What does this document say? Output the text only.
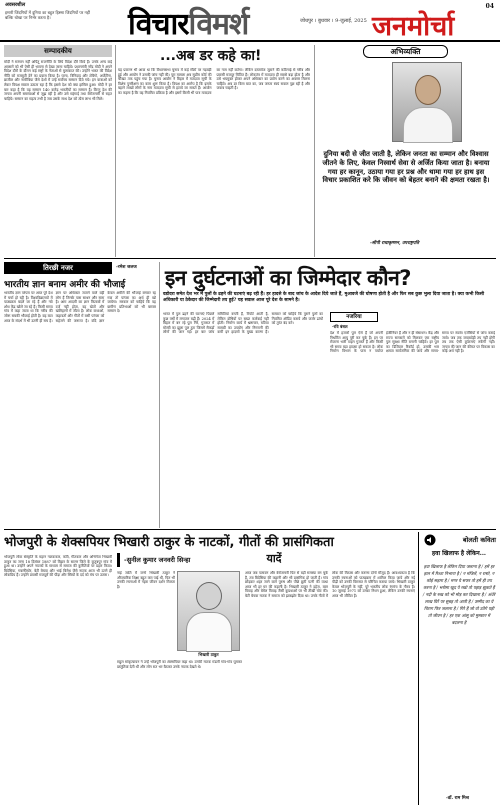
अवसरशील
हमारी जिंदगियों में दुनिया का बहुत हिस्सा जिंदगियों पर नहीं बल्कि धोखा पर निर्भर करता है।	विचारविमर्श	जोधपुर । बुधवार । 9-जुलाई, 2025 जनमोर्चा
04
सम्पादकीय
मोदी ने सम्मान नहीं अपितु राजनीति के लिये विदेश दौरे किये हैं। उनके अन्य कई अवसरों को भी ऐसी ही भावना से देखा जाना चाहिये। प्रधानमंत्री नरेंद्र मोदी ने अपने विदेश दौरों के दौरान कई राष्ट्रों के नेताओं से मुलाकात की। उन्होंने भारत की विदेश नीति को मजबूती देने का प्रयास किया है। घाना, त्रिनिदाद और टोबैगो, अर्जेंटीना, ब्राजील और नामीबिया जैसे देशों में उन्हें सर्वोच्च सम्मान दिये गये। इन यात्राओं को लेकर विपक्ष सवाल उठाता रहा है कि इससे देश को क्या हासिल हुआ। मोदी ने हर बार कहा है कि यह सम्मान 140 करोड़ भारतीयों का सम्मान है। किन्तु देश की जनता अपनी समस्याओं से जूझ रही है और उसे महंगाई तथा बेरोजगारी से राहत चाहिये। सम्मान का महत्व तभी है जब उसके साथ देश को ठोस लाभ भी मिले।
...अब डर कहे का!
यह प्रकरण भी आया था कि विधानसभा चुनाव में कई सीटों पर गड़बड़ी हुई और आयोग ने उसकी जांच नहीं की। पूरा मामला अब सुप्रीम कोर्ट की चौखट तक पहुंच गया है। चुनाव आयोग ने बिहार में मतदाता सूची के विशेष पुनरीक्षण का काम शुरू किया है। विपक्ष का आरोप है कि इसके बहाने लाखों लोगों के नाम मतदाता सूची से हटाये जा सकते हैं। आयोग का कहना है कि यह नियमित प्रक्रिया है और इसमें किसी भी पात्र मतदाता का नाम नहीं कटेगा। लेकिन दस्तावेज जुटाने की कठिनाई से गरीब और प्रवासी मजदूर चिंतित हैं। लोकतंत्र में मतदाता ही सबसे बड़ा होता है और उसे भयमुक्त होकर अपने अधिकार का प्रयोग करने का अवसर मिलना चाहिये। अब डर किस बात का, जब जनता स्वयं सवाल पूछ रही है और जवाब चाहती है।
अभिव्यक्ति
दुनिया बदी से जीत जाती है, लेकिन जनता का सम्मान और विश्वास जीतने के लिए, केवल निस्वार्थ सेवा से अर्जित किया जाता है। बनाया गया हर कानून, उठाया गया हर प्रश्न और थामा गया हर हाथ इस विचार प्रकाशित करे कि जीवन को बेहतर बनाने की क्षमता रखता है।
-सीपी राधाकृष्णन, उपराष्ट्रपति
तिरछी नजर	-रमेश जलज
भारतीय ज्ञान बनाम अमीर की भौजाई
भारतीय ज्ञान परंपरा पर आज पूरे देश में चर्चा हो रही है। विश्वविद्यालयों में पाठ्यक्रम बदले जा रहे हैं और नये शोध केंद्र खोले जा रहे हैं। किसी समय गांव में कहा जाता था कि गरीब की जोरू सबकी भौजाई होती है। यह बात आज के संदर्भ में भी उतनी ही सच है। ज्ञान पर अधिकार जताने वाले वही लोग हैं जिनके पास साधन और सत्ता है। आम आदमी का ज्ञान किताबों में दर्ज नहीं होता, वह खेतों और खलिहानों में जीता है। लोक कथाओं, कहावतों और गीतों में बसी परंपरा को सहेजने की जरूरत है। यदि ज्ञान केवल अमीरों की भौजाई बनकर रह गया तो परंपरा का अर्थ ही खो जायेगा। सरकार को चाहिये कि वह ग्रामीण प्रतिभाओं को भी बराबर सम्मान दे।
इन दुर्घटनाओं का जिम्मेदार कौन?
वडोदरा समेत देश भर में पुलों के ढहने की घटनाएं बढ़ रही हैं। हर हादसे के बाद जांच के आदेश दिये जाते हैं, मुआवजे की घोषणा होती है और फिर सब कुछ भुला दिया जाता है। क्या कभी किसी अधिकारी या ठेकेदार की जिम्मेदारी तय हुई? यह सवाल आज पूरे देश के सामने है।
भारत में पुल ढहने की घटनाएं पिछले कुछ वर्षों में लगातार बढ़ी हैं। 2024 में बिहार में बन रहे पुल गिरे, गुजरात में मोरबी का झूला पुल टूटा जिसमें सैकड़ों लोगों की जान गई। हर बार जांच समितियां बनती हैं, रिपोर्ट आती है, लेकिन दोषियों पर सख्त कार्रवाई नहीं होती। निर्माण कार्य में भ्रष्टाचार, घटिया सामग्री का उपयोग और निगरानी की कमी इन हादसों के मुख्य कारण हैं। सरकार को चाहिये कि पुराने पुलों का नियमित ऑडिट कराये और जर्जर ढांचों को तुरंत बंद करे।
नजरिया
-रवि बंसल
देश में हजारों पुल ऐसे हैं जो अपनी निर्धारित आयु पूरी कर चुके हैं। इन पर रोजाना भारी वाहन गुजरते हैं और किसी भी समय बड़ा हादसा हो सकता है। लोक निर्माण विभाग के पास न पर्याप्त इंजीनियर हैं और न ही संसाधन। केंद्र और राज्य सरकारों को मिलकर एक राष्ट्रीय पुल सुरक्षा नीति बनानी चाहिये। हर पुल का डिजिटल रिकॉर्ड हो, उसकी भार क्षमता सार्वजनिक की जाये और समय-समय पर स्वतंत्र एजेंसियों से जांच कराई जाये। जब तक जवाबदेही तय नहीं होगी तब तक ऐसी दुर्घटनाएं रुकेंगी नहीं। जनता की जान की कीमत पर विकास का कोई अर्थ नहीं है।
भोजपुरी के शेक्सपियर भिखारी ठाकुर के नाटकों, गीतों की प्रासंगिकता
भोजपुरी लोक संस्कृति के महान नाटककार, कवि, गीतकार और अभिनेता भिखारी ठाकुर का जन्म 18 दिसंबर 1887 को बिहार के सारण जिले के कुतुबपुर गांव में हुआ था। उन्होंने अपने नाटकों के माध्यम से समाज की कुरीतियों पर प्रहार किया। बिदेसिया, गबरघिचोर, बेटी बेचवा और भाई बिरोध जैसे नाटक आज भी उतने ही लोकप्रिय हैं। उन्होंने प्रवासी मजदूरों की पीड़ा और स्त्रियों के दर्द को मंच पर उतारा।
-सुनील कुमार जनवरी सिन्हा	यादें
नाई जाति में जन्मे भिखारी ठाकुर ने औपचारिक शिक्षा बहुत कम पाई थी, फिर भी उनकी रचनाओं में गहरा जीवन दर्शन मिलता है।
भिखारी ठाकुर
राहुल सांकृत्यायन ने उन्हें भोजपुरी का शेक्सपियर कहा था। उनकी नाटक मंडली गांव-गांव घूमकर प्रस्तुतियां देती थी और लोग रात भर बैठकर उनके नाटक देखते थे।
आज जब पलायन और बेरोजगारी फिर से बड़ी समस्या बन चुके हैं, तब बिदेसिया की कहानी और भी प्रासंगिक हो जाती है। गांव छोड़कर शहर जाने वाले पुरुष और पीछे छूटी पत्नी की व्यथा आज भी हर घर की कहानी है। भिखारी ठाकुर ने दहेज, बाल विवाह और बेमेल विवाह जैसी कुप्रथाओं पर भी तीखी चोट की। बेटी बेचवा नाटक ने समाज को झकझोर दिया था। उनके गीतों में लोक की मिठास और करुणा दोनों मौजूद हैं। आवश्यकता है कि उनकी रचनाओं को पाठ्यक्रम में शामिल किया जाये और नई पीढ़ी को उनकी विरासत से परिचित कराया जाये। भिखारी ठाकुर केवल भोजपुरी के नहीं, पूरे भारतीय लोक रंगमंच के गौरव हैं। 10 जुलाई 1971 को उनका निधन हुआ, लेकिन उनकी रचनाएं आज भी जीवित हैं।
बोलती कविता
हवा खिलाफ है लेकिन...
हवा खिलाफ है लेकिन दिया जलाना है / हमें हर हाल में रिश्ता निभाना है / न मंजिलें, न रास्ते, न कोई सहारा है / मगर ये सफर तो हमें ही तय करना है / भरोसा खुद पे रखो तो पहाड़ झुकते हैं / नदी के रुख को भी मोड़ कर दिखाना है / अंधेरे लाख घिरें पर सुबह तो आती है / उम्मीद का ये चिराग फिर जलाना है / गिरे हैं जो वो उठेंगे यही तो जीवन है / हर एक आंसू को मुस्कान में बदलना है
-डॉ. राम मिश्र
